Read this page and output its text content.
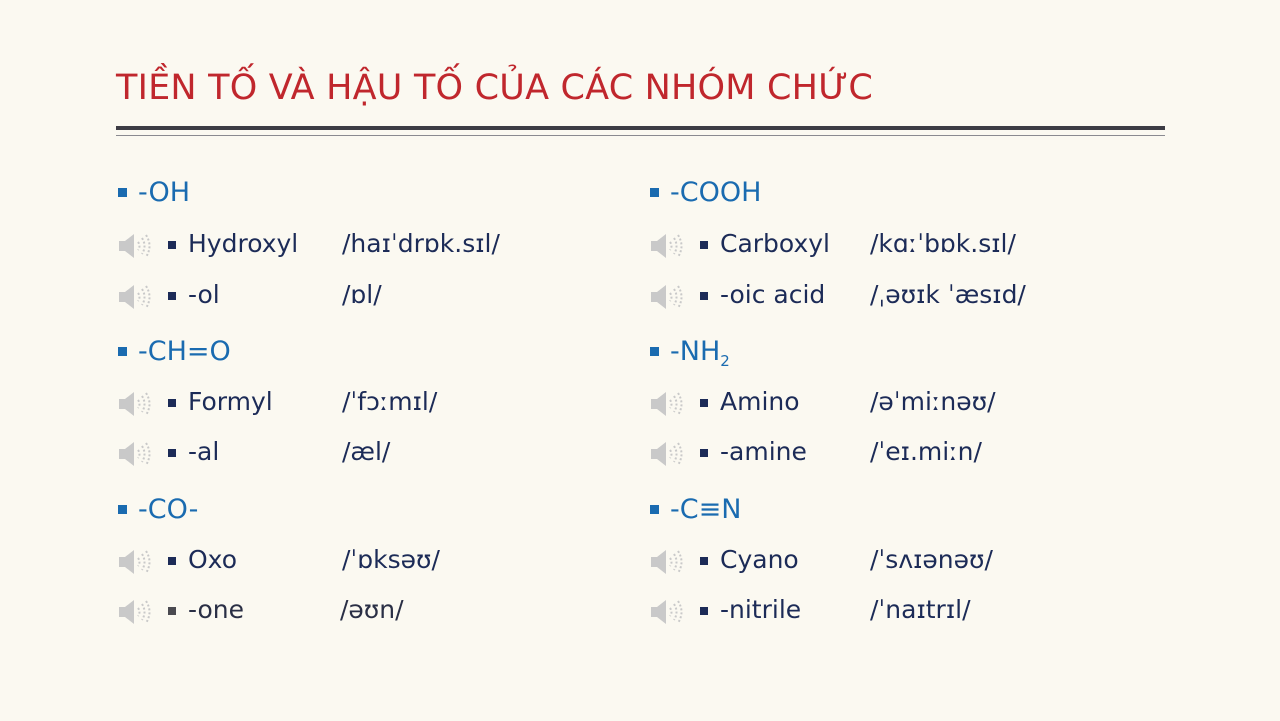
TIỀN TỐ VÀ HẬU TỐ CỦA CÁC NHÓM CHỨC
-OH
Hydroxyl /haɪˈdrɒk.sɪl/
-ol	/ɒl/
-CH=O
Formyl	/ˈfɔːmɪl/
-al	/æl/
-CO-
Oxo	/ˈɒksəʊ/
-one	/əʊn/
-COOH
Carboxyl /kɑːˈbɒk.sɪl/
-oic acid /ˌəʊɪk ˈæsɪd/
$-NH_2$
Amino	/əˈmiːnəʊ/
-amine	/ˈeɪ.miːn/
-C≡N
Cyano	/ˈsʌɪənəʊ/
-nitrile	/ˈnaɪtrɪl/
